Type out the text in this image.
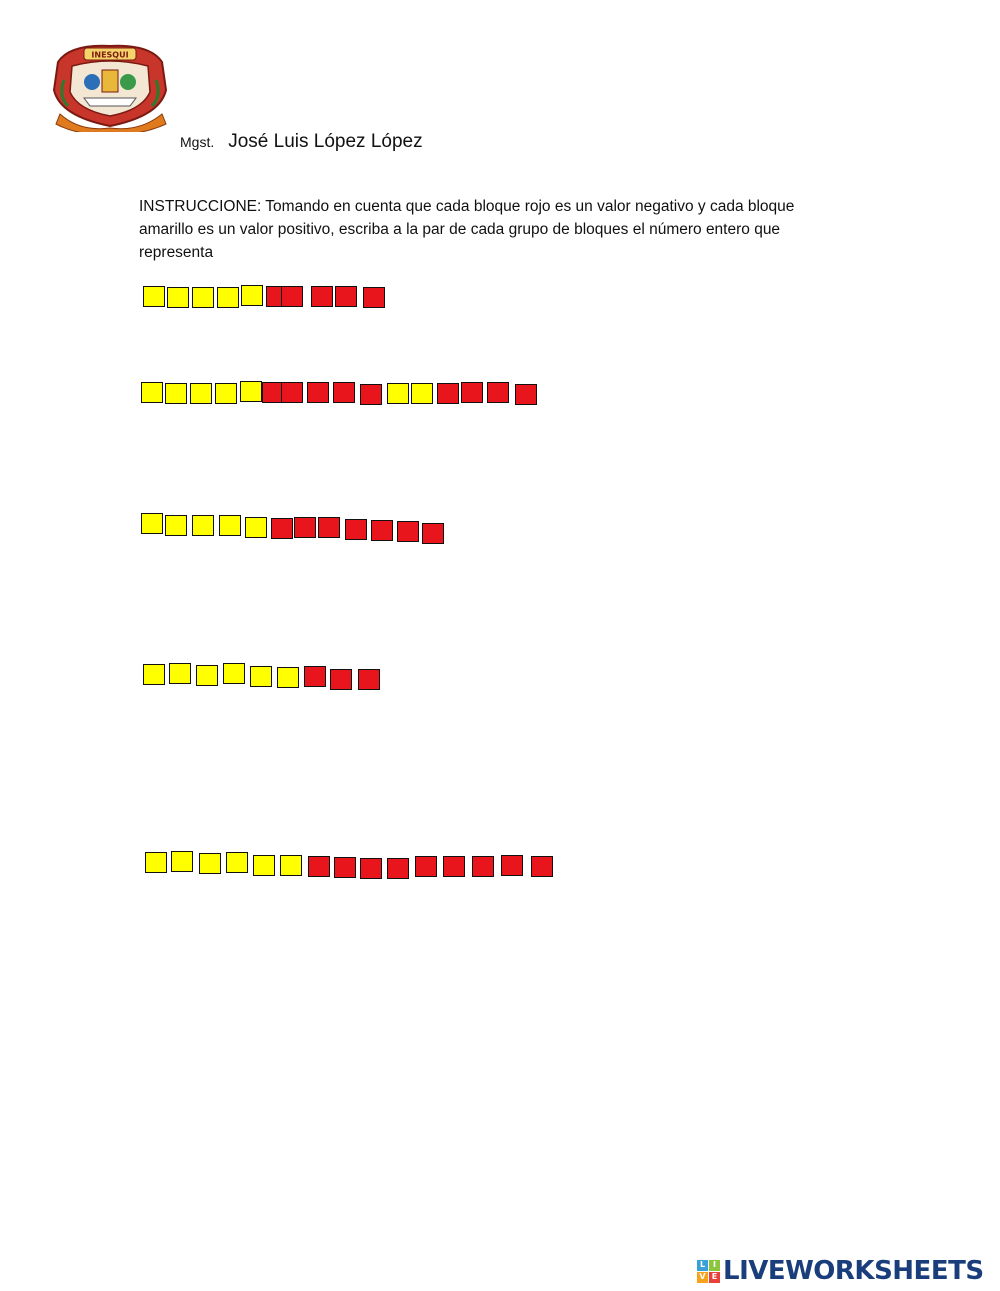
INESQUI
Mgst. José Luis López López
INSTRUCCIONE: Tomando en cuenta que cada bloque rojo es un valor negativo y cada bloque amarillo es un valor positivo, escriba a la par de cada grupo de bloques el número entero que representa
L I
V E LIVEWORKSHEETS
